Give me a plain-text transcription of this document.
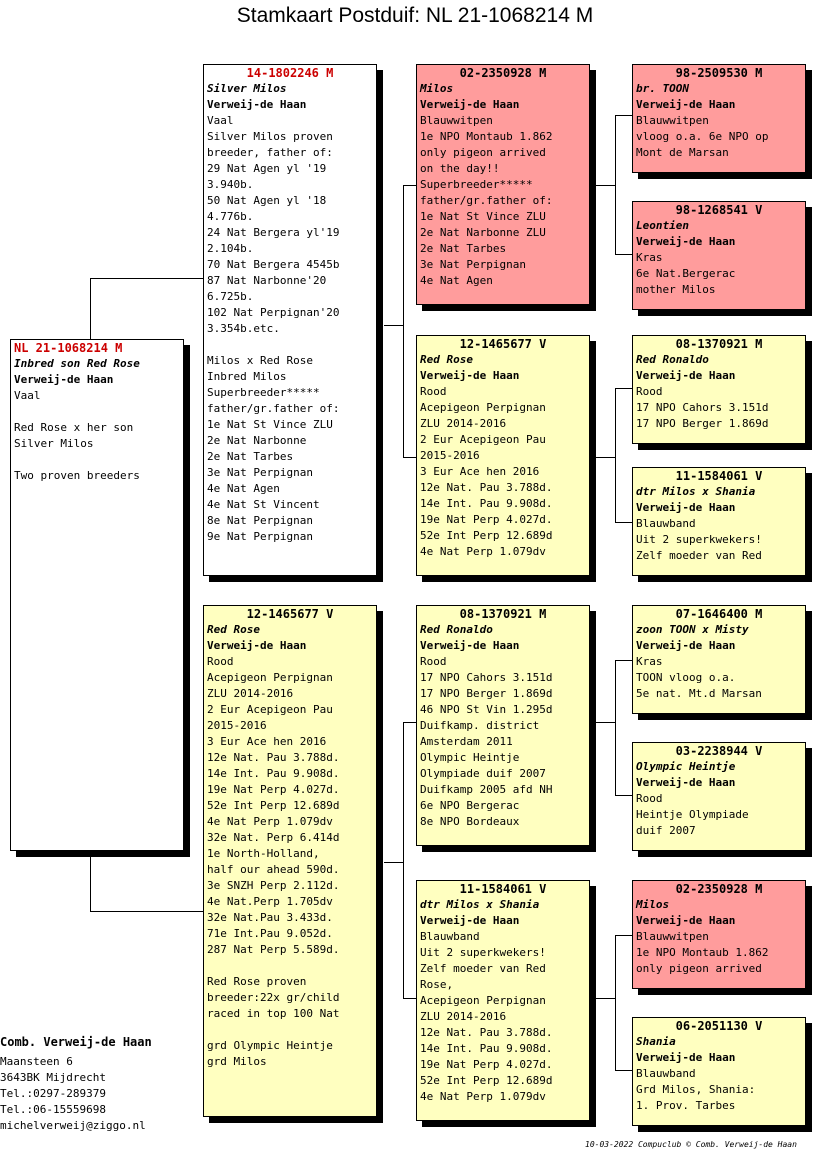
Stamkaart Postduif: NL 21-1068214 M
NL 21-1068214 M
Inbred son Red Rose
Verweij-de Haan
Vaal
Red Rose x her son
Silver Milos
Two proven breeders
14-1802246 M
Silver Milos
Verweij-de Haan
Vaal
Silver Milos proven
breeder, father of:
29 Nat Agen yl '19
3.940b.
50 Nat Agen yl '18
4.776b.
24 Nat Bergera yl'19
2.104b.
70 Nat Bergera 4545b
87 Nat Narbonne'20
6.725b.
102 Nat Perpignan'20
3.354b.etc.
Milos x Red Rose
Inbred Milos
Superbreeder*****
father/gr.father of:
1e Nat St Vince ZLU
2e Nat Narbonne
2e Nat Tarbes
3e Nat Perpignan
4e Nat Agen
4e Nat St Vincent
8e Nat Perpignan
9e Nat Perpignan
12-1465677 V
Red Rose
Verweij-de Haan
Rood
Acepigeon Perpignan
ZLU 2014-2016
2 Eur Acepigeon Pau
2015-2016
3 Eur Ace hen 2016
12e Nat. Pau 3.788d.
14e Int. Pau 9.908d.
19e Nat Perp 4.027d.
52e Int Perp 12.689d
4e Nat Perp 1.079dv
32e Nat. Perp 6.414d
1e North-Holland,
half our ahead 590d.
3e SNZH Perp 2.112d.
4e Nat.Perp 1.705dv
32e Nat.Pau 3.433d.
71e Int.Pau 9.052d.
287 Nat Perp 5.589d.
Red Rose proven
breeder:22x gr/child
raced in top 100 Nat
grd Olympic Heintje
grd Milos
02-2350928 M
Milos
Verweij-de Haan
Blauwwitpen
1e NPO Montaub 1.862
only pigeon arrived
on the day!!
Superbreeder*****
father/gr.father of:
1e Nat St Vince ZLU
2e Nat Narbonne ZLU
2e Nat Tarbes
3e Nat Perpignan
4e Nat Agen
12-1465677 V
Red Rose
Verweij-de Haan
Rood
Acepigeon Perpignan
ZLU 2014-2016
2 Eur Acepigeon Pau
2015-2016
3 Eur Ace hen 2016
12e Nat. Pau 3.788d.
14e Int. Pau 9.908d.
19e Nat Perp 4.027d.
52e Int Perp 12.689d
4e Nat Perp 1.079dv
08-1370921 M
Red Ronaldo
Verweij-de Haan
Rood
17 NPO Cahors 3.151d
17 NPO Berger 1.869d
46 NPO St Vin 1.295d
Duifkamp. district
Amsterdam 2011
Olympic Heintje
Olympiade duif 2007
Duifkamp 2005 afd NH
6e NPO Bergerac
8e NPO Bordeaux
11-1584061 V
dtr Milos x Shania
Verweij-de Haan
Blauwband
Uit 2 superkwekers!
Zelf moeder van Red
Rose,
Acepigeon Perpignan
ZLU 2014-2016
12e Nat. Pau 3.788d.
14e Int. Pau 9.908d.
19e Nat Perp 4.027d.
52e Int Perp 12.689d
4e Nat Perp 1.079dv
98-2509530 M
br. TOON
Verweij-de Haan
Blauwwitpen
vloog o.a. 6e NPO op
Mont de Marsan
98-1268541 V
Leontien
Verweij-de Haan
Kras
6e Nat.Bergerac
mother Milos
08-1370921 M
Red Ronaldo
Verweij-de Haan
Rood
17 NPO Cahors 3.151d
17 NPO Berger 1.869d
11-1584061 V
dtr Milos x Shania
Verweij-de Haan
Blauwband
Uit 2 superkwekers!
Zelf moeder van Red
07-1646400 M
zoon TOON x Misty
Verweij-de Haan
Kras
TOON vloog o.a.
5e nat. Mt.d Marsan
03-2238944 V
Olympic Heintje
Verweij-de Haan
Rood
Heintje Olympiade
duif 2007
02-2350928 M
Milos
Verweij-de Haan
Blauwwitpen
1e NPO Montaub 1.862
only pigeon arrived
06-2051130 V
Shania
Verweij-de Haan
Blauwband
Grd Milos, Shania:
1. Prov. Tarbes
Comb. Verweij-de Haan
Maansteen 6
3643BK Mijdrecht
Tel.:0297-289379
Tel.:06-15559698
michelverweij@ziggo.nl
10-03-2022 Compuclub © Comb. Verweij-de Haan
